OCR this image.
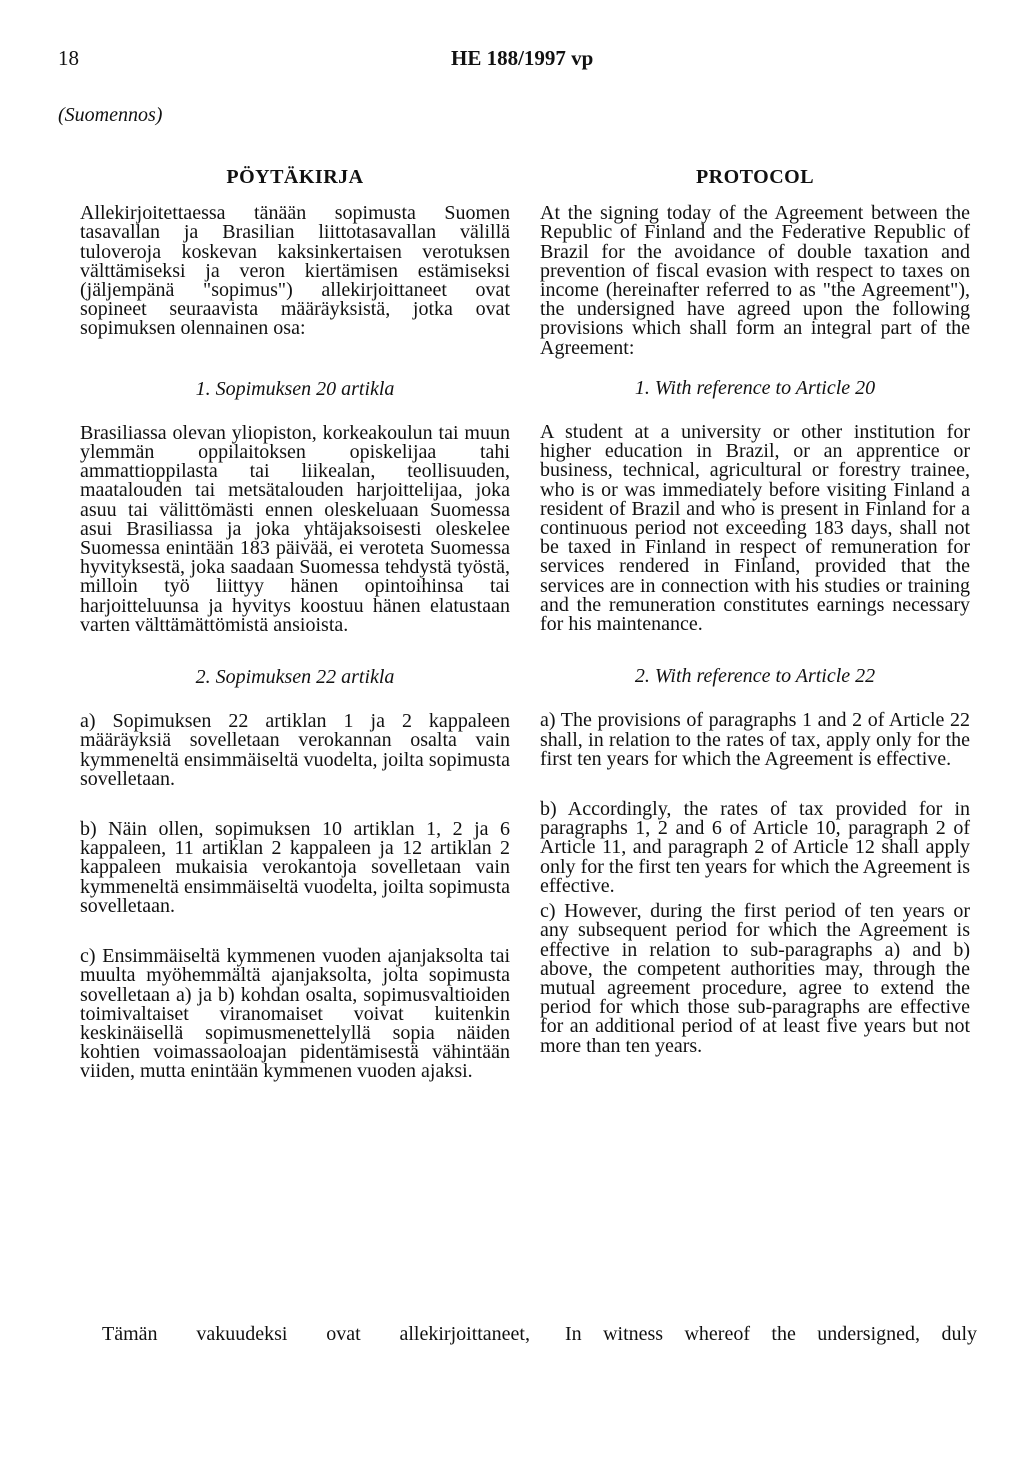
18	HE 188/1997 vp
(Suomennos)
PÖYTÄKIRJA

Allekirjoitettaessa tänään sopimusta Suomen tasavallan ja Brasilian liittotasavallan välillä tuloveroja koskevan kaksinkertaisen verotuksen välttämiseksi ja veron kiertämisen estämiseksi (jäljempänä "sopimus") allekirjoittaneet ovat sopineet seuraavista määräyksistä, jotka ovat sopimuksen olennainen osa:

1. Sopimuksen 20 artikla

Brasiliassa olevan yliopiston, korkeakoulun tai muun ylemmän oppilaitoksen opiskelijaa tahi ammattioppilasta tai liikealan, teollisuuden, maatalouden tai metsätalouden harjoittelijaa, joka asuu tai välittömästi ennen oleskeluaan Suomessa asui Brasiliassa ja joka yhtäjaksoisesti oleskelee Suomessa enintään 183 päivää, ei veroteta Suomessa hyvityksestä, joka saadaan Suomessa tehdystä työstä, milloin työ liittyy hänen opintoihinsa tai harjoitteluunsa ja hyvitys koostuu hänen elatustaan varten välttämättömistä ansioista.

2. Sopimuksen 22 artikla

a) Sopimuksen 22 artiklan 1 ja 2 kappaleen määräyksiä sovelletaan verokannan osalta vain kymmeneltä ensimmäiseltä vuodelta, joilta sopimusta sovelletaan.

b) Näin ollen, sopimuksen 10 artiklan 1, 2 ja 6 kappaleen, 11 artiklan 2 kappaleen ja 12 artiklan 2 kappaleen mukaisia verokantoja sovelletaan vain kymmeneltä ensimmäiseltä vuodelta, joilta sopimusta sovelletaan.

c) Ensimmäiseltä kymmenen vuoden ajanjaksolta tai muulta myöhemmältä ajanjaksolta, jolta sopimusta sovelletaan a) ja b) kohdan osalta, sopimusvaltioiden toimivaltaiset viranomaiset voivat kuitenkin keskinäisellä sopimusmenettelyllä sopia näiden kohtien voimassaoloajan pidentämisestä vähintään viiden, mutta enintään kymmenen vuoden ajaksi.

PROTOCOL

At the signing today of the Agreement between the Republic of Finland and the Federative Republic of Brazil for the avoidance of double taxation and prevention of fiscal evasion with respect to taxes on income (hereinafter referred to as "the Agreement"), the undersigned have agreed upon the following provisions which shall form an integral part of the Agreement:

1. With reference to Article 20

A student at a university or other institution for higher education in Brazil, or an apprentice or business, technical, agricultural or forestry trainee, who is or was immediately before visiting Finland a resident of Brazil and who is present in Finland for a continuous period not exceeding 183 days, shall not be taxed in Finland in respect of remuneration for services rendered in Finland, provided that the services are in connection with his studies or training and the remuneration constitutes earnings necessary for his maintenance.

2. With reference to Article 22

a) The provisions of paragraphs 1 and 2 of Article 22 shall, in relation to the rates of tax, apply only for the first ten years for which the Agreement is effective.

b) Accordingly, the rates of tax provided for in paragraphs 1, 2 and 6 of Article 10, paragraph 2 of Article 11, and paragraph 2 of Article 12 shall apply only for the first ten years for which the Agreement is effective.

c) However, during the first period of ten years or any subsequent period for which the Agreement is effective in relation to sub-paragraphs a) and b) above, the competent authorities may, through the mutual agreement procedure, agree to extend the period for which those sub-paragraphs are effective for an additional period of at least five years but not more than ten years.

Tämän vakuudeksi ovat allekirjoittaneet, In witness whereof the undersigned, duly
